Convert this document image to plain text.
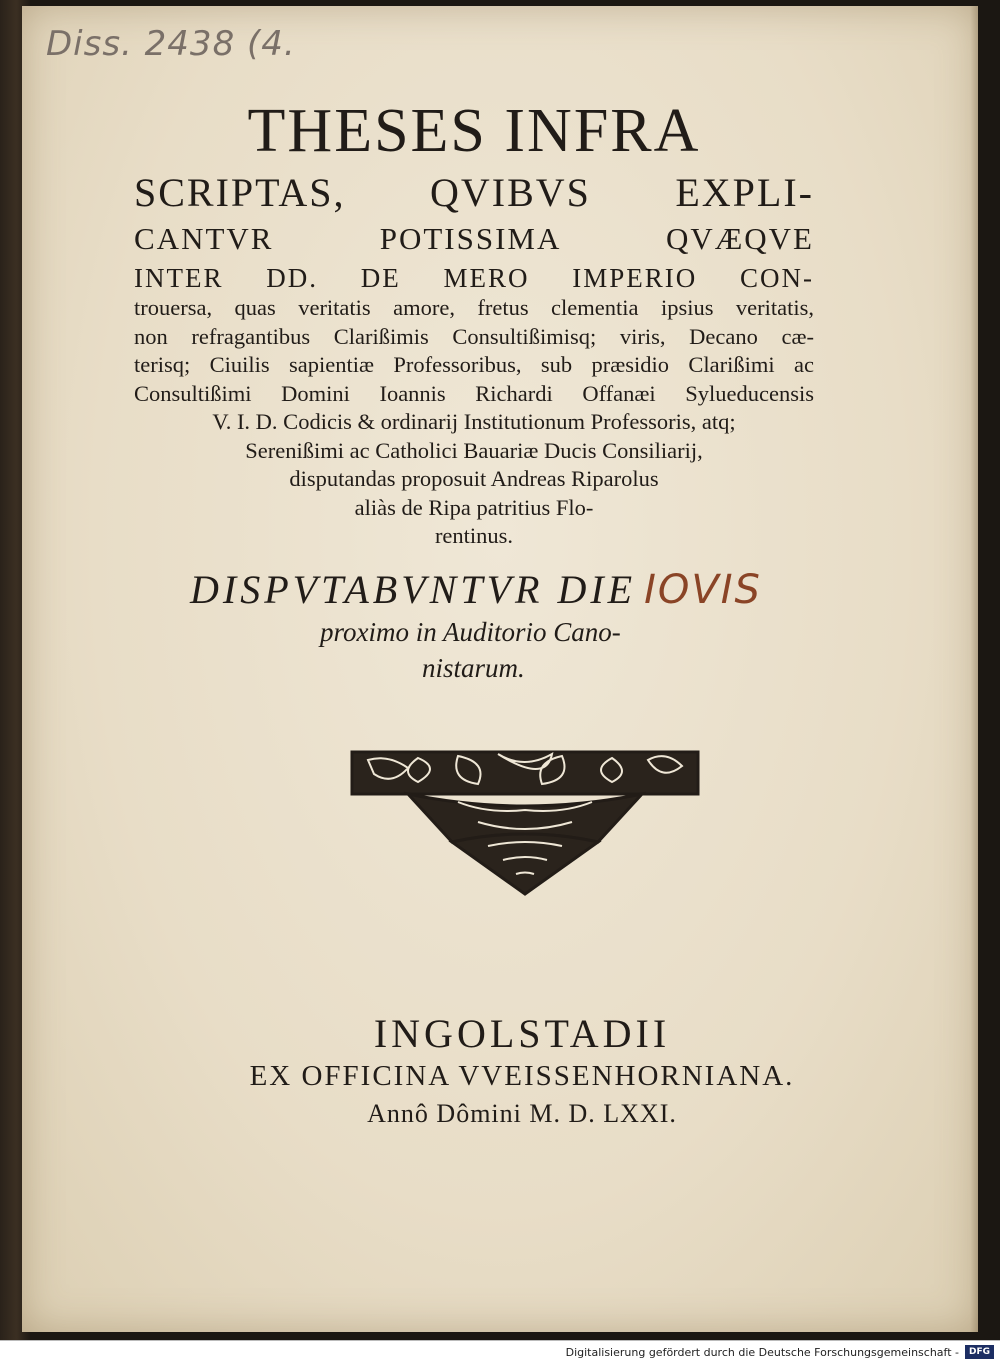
Diss. 2438 (4.

THESES INFRA

SCRIPTAS, QVIBVS EXPLI-

CANTVR POTISSIMA QVÆQVE

INTER DD. DE MERO IMPERIO CON-

trouersa, quas veritatis amore, fretus clementia ipsius veritatis,
non refragantibus Clarißimis Consultißimisq; viris, Decano cæ-
terisq; Ciuilis sapientiæ Professoribus, sub præsidio Clarißimi ac
Consultißimi Domini Ioannis Richardi Offanæi Sylueducensis
V. I. D. Codicis & ordinarij Institutionum Professoris, atq;
Serenißimi ac Catholici Bauariæ Ducis Consiliarij,
disputandas proposuit Andreas Riparolus
aliàs de Ripa patritius Flo-
rentinus.
DISPVTABVNTVR DIE IOVIS
proximo in Auditorio Cano-
nistarum.
INGOLSTADII
EX OFFICINA VVEISSENHORNIANA.
Annô Dômini M. D. LXXI.
Digitalisierung gefördert durch die Deutsche Forschungsgemeinschaft -	DFG
